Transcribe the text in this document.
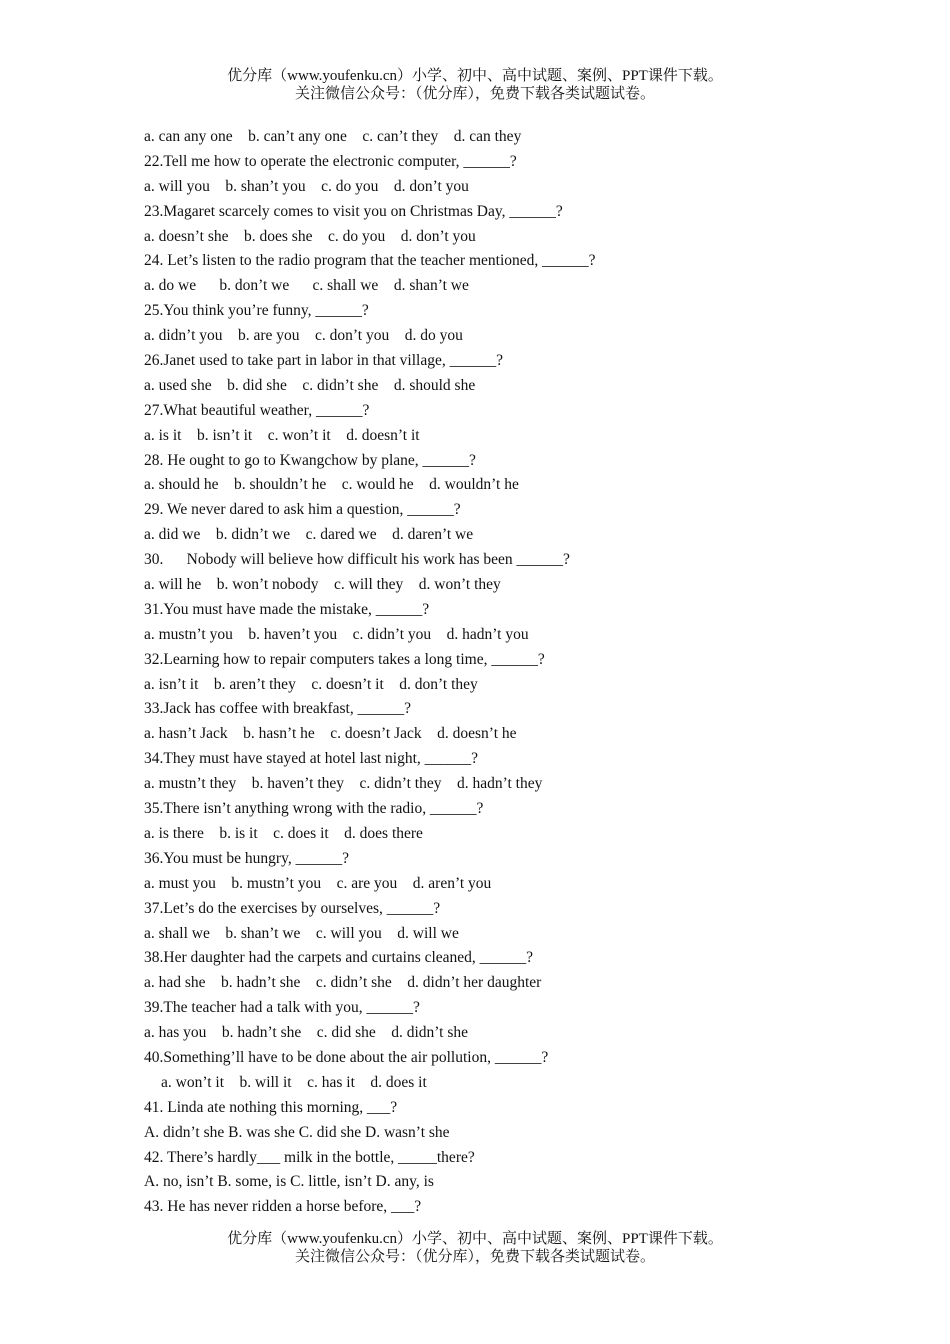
优分库（www.youfenku.cn）小学、初中、高中试题、案例、PPT课件下载。
关注微信公众号：（优分库），免费下载各类试题试卷。
a. can any one    b. can’t any one    c. can’t they    d. can they
22.Tell me how to operate the electronic computer, ______?
a. will you    b. shan’t you    c. do you    d. don’t you
23.Magaret scarcely comes to visit you on Christmas Day, ______?
a. doesn’t she    b. does she    c. do you    d. don’t you
24. Let’s listen to the radio program that the teacher mentioned, ______?
a. do we      b. don’t we      c. shall we    d. shan’t we
25.You think you’re funny, ______?
a. didn’t you    b. are you    c. don’t you    d. do you
26.Janet used to take part in labor in that village, ______?
a. used she    b. did she    c. didn’t she    d. should she
27.What beautiful weather, ______?
a. is it    b. isn’t it    c. won’t it    d. doesn’t it
28. He ought to go to Kwangchow by plane, ______?
a. should he    b. shouldn’t he    c. would he    d. wouldn’t he
29. We never dared to ask him a question, ______?
a. did we    b. didn’t we    c. dared we    d. daren’t we
30.      Nobody will believe how difficult his work has been ______?
a. will he    b. won’t nobody    c. will they    d. won’t they
31.You must have made the mistake, ______?
a. mustn’t you    b. haven’t you    c. didn’t you    d. hadn’t you
32.Learning how to repair computers takes a long time, ______?
a. isn’t it    b. aren’t they    c. doesn’t it    d. don’t they
33.Jack has coffee with breakfast, ______?
a. hasn’t Jack    b. hasn’t he    c. doesn’t Jack    d. doesn’t he
34.They must have stayed at hotel last night, ______?
a. mustn’t they    b. haven’t they    c. didn’t they    d. hadn’t they
35.There isn’t anything wrong with the radio, ______?
a. is there    b. is it    c. does it    d. does there
36.You must be hungry, ______?
a. must you    b. mustn’t you    c. are you    d. aren’t you
37.Let’s do the exercises by ourselves, ______?
a. shall we    b. shan’t we    c. will you    d. will we
38.Her daughter had the carpets and curtains cleaned, ______?
a. had she    b. hadn’t she    c. didn’t she    d. didn’t her daughter
39.The teacher had a talk with you, ______?
a. has you    b. hadn’t she    c. did she    d. didn’t she
40.Something’ll have to be done about the air pollution, ______?
a. won’t it    b. will it    c. has it    d. does it
41. Linda ate nothing this morning, ___?
A. didn’t she B. was she C. did she D. wasn’t she
42. There’s hardly___ milk in the bottle, _____there?
A. no, isn’t B. some, is C. little, isn’t D. any, is
43. He has never ridden a horse before, ___?
优分库（www.youfenku.cn）小学、初中、高中试题、案例、PPT课件下载。
关注微信公众号：（优分库），免费下载各类试题试卷。
